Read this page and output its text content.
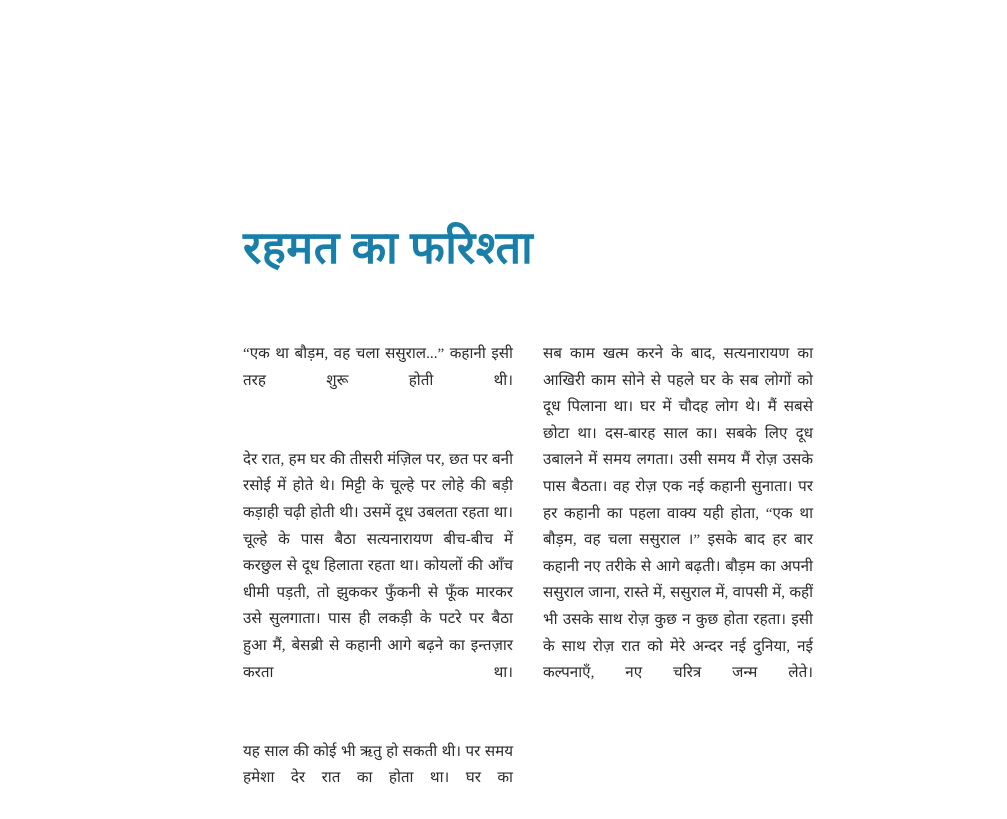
रहमत का फरिश्ता

“एक था बौड़म, वह चला ससुराल...” कहानी इसी तरह शुरू होती थी।

देर रात, हम घर की तीसरी मंज़िल पर, छत पर बनी रसोई में होते थे। मिट्टी के चूल्हे पर लोहे की बड़ी कड़ाही चढ़ी होती थी। उसमें दूध उबलता रहता था। चूल्हे के पास बैठा सत्यनारायण बीच-बीच में करछुल से दूध हिलाता रहता था। कोयलों की आँच धीमी पड़ती, तो झुककर फुँकनी से फूँक मारकर उसे सुलगाता। पास ही लकड़ी के पटरे पर बैठा हुआ मैं, बेसब्री से कहानी आगे बढ़ने का इन्तज़ार करता था।

यह साल की कोई भी ऋतु हो सकती थी। पर समय हमेशा देर रात का होता था। घर का

सब काम खत्म करने के बाद, सत्यनारायण का आखिरी काम सोने से पहले घर के सब लोगों को दूध पिलाना था। घर में चौदह लोग थे। मैं सबसे छोटा था। दस-बारह साल का। सबके लिए दूध उबालने में समय लगता। उसी समय मैं रोज़ उसके पास बैठता। वह रोज़ एक नई कहानी सुनाता। पर हर कहानी का पहला वाक्य यही होता, “एक था बौड़म, वह चला ससुराल ।” इसके बाद हर बार कहानी नए तरीके से आगे बढ़ती। बौड़म का अपनी ससुराल जाना, रास्ते में, ससुराल में, वापसी में, कहीं भी उसके साथ रोज़ कुछ न कुछ होता रहता। इसी के साथ रोज़ रात को मेरे अन्दर नई दुनिया, नई कल्पनाएँ, नए चरित्र जन्म लेते।
